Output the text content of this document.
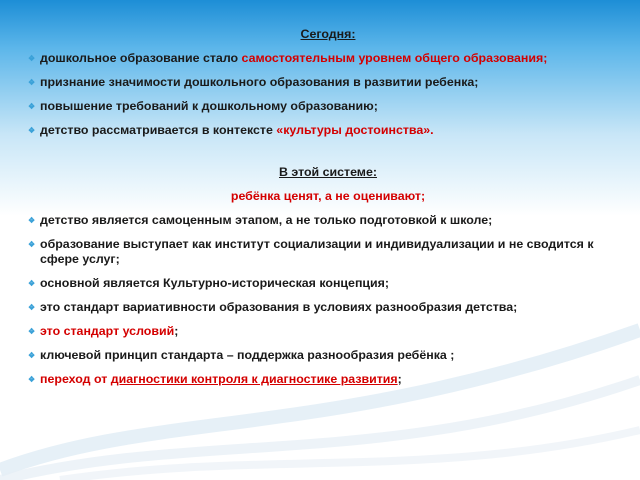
Сегодня:
❖ дошкольное образование стало самостоятельным уровнем общего образования;
❖ признание значимости дошкольного образования в развитии ребенка;
❖ повышение требований к дошкольному образованию;
❖ детство рассматривается в контексте «культуры достоинства».
В этой системе:
ребёнка ценят, а не оценивают;
❖ детство является самоценным этапом, а не только подготовкой к школе;
❖ образование выступает как институт социализации и индивидуализации и не сводится к сфере услуг;
❖ основной является Культурно-историческая концепция;
❖ это стандарт вариативности образования в условиях разнообразия детства;
❖ это стандарт условий;
❖ ключевой принцип стандарта – поддержка разнообразия ребёнка ;
❖ переход от диагностики контроля к диагностике развития;
